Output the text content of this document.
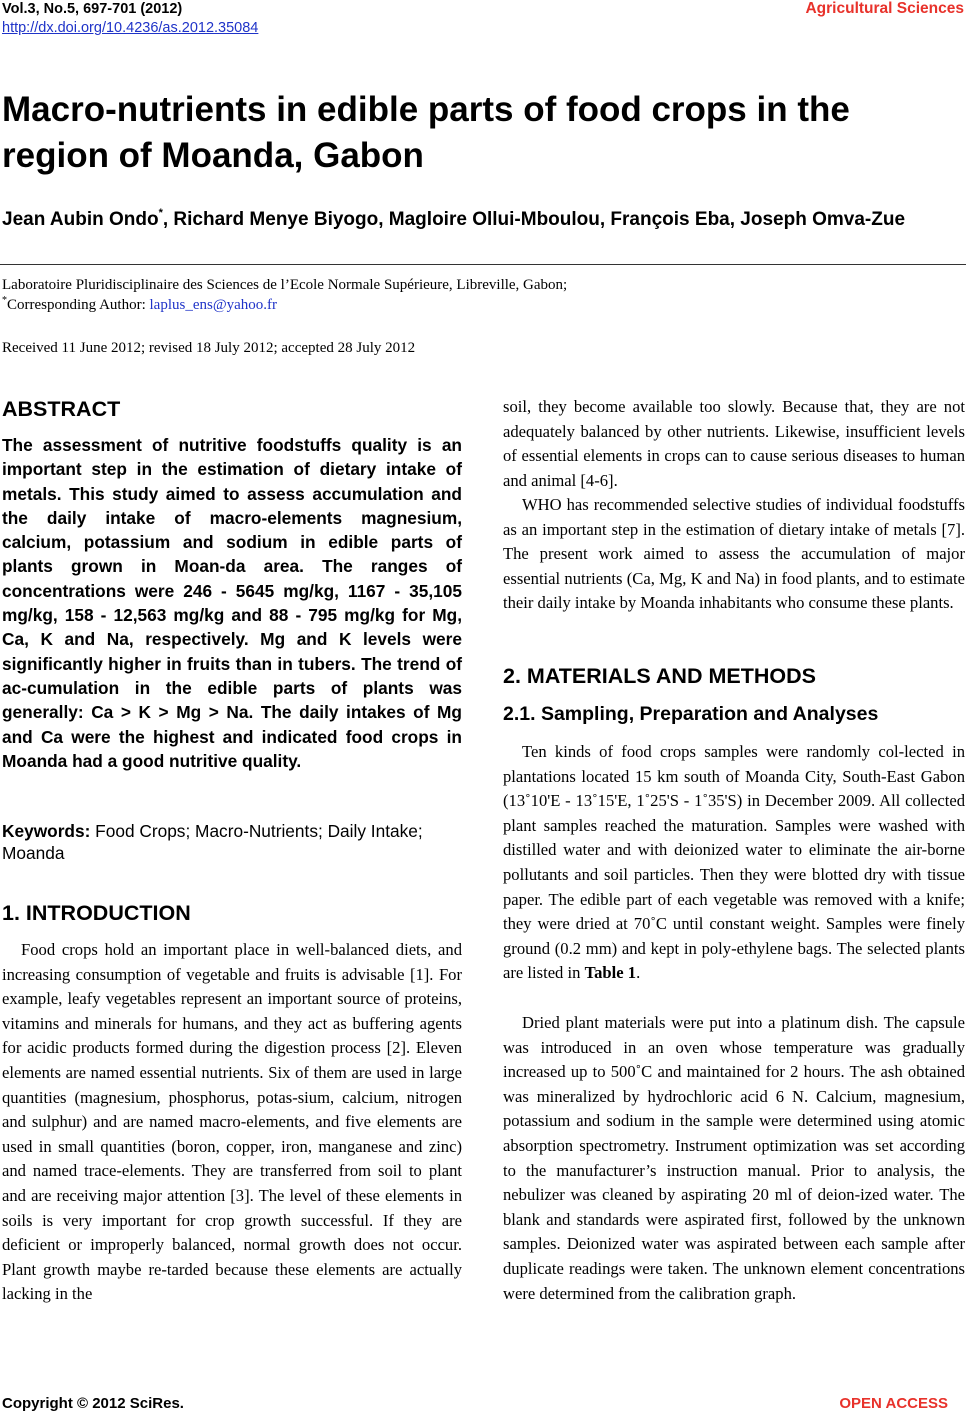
Vol.3, No.5, 697-701 (2012)
http://dx.doi.org/10.4236/as.2012.35084
Agricultural Sciences
Macro-nutrients in edible parts of food crops in the region of Moanda, Gabon

Jean Aubin Ondo*, Richard Menye Biyogo, Magloire Ollui-Mboulou, François Eba, Joseph Omva-Zue

Laboratoire Pluridisciplinaire des Sciences de l’Ecole Normale Supérieure, Libreville, Gabon;
*Corresponding Author: laplus_ens@yahoo.fr
Received 11 June 2012; revised 18 July 2012; accepted 28 July 2012
ABSTRACT

The assessment of nutritive foodstuffs quality is an important step in the estimation of dietary intake of metals. This study aimed to assess accumulation and the daily intake of macro-elements magnesium, calcium, potassium and sodium in edible parts of plants grown in Moan-da area. The ranges of concentrations were 246 - 5645 mg/kg, 1167 - 35,105 mg/kg, 158 - 12,563 mg/kg and 88 - 795 mg/kg for Mg, Ca, K and Na, respectively. Mg and K levels were significantly higher in fruits than in tubers. The trend of ac-cumulation in the edible parts of plants was generally: Ca > K > Mg > Na. The daily intakes of Mg and Ca were the highest and indicated food crops in Moanda had a good nutritive quality.

Keywords: Food Crops; Macro-Nutrients; Daily Intake; Moanda

1. INTRODUCTION

Food crops hold an important place in well-balanced diets, and increasing consumption of vegetable and fruits is advisable [1]. For example, leafy vegetables represent an important source of proteins, vitamins and minerals for humans, and they act as buffering agents for acidic products formed during the digestion process [2]. Eleven elements are named essential nutrients. Six of them are used in large quantities (magnesium, phosphorus, potas-sium, calcium, nitrogen and sulphur) and are named macro-elements, and five elements are used in small quantities (boron, copper, iron, manganese and zinc) and named trace-elements. They are transferred from soil to plant and are receiving major attention [3]. The level of these elements in soils is very important for crop growth successful. If they are deficient or improperly balanced, normal growth does not occur. Plant growth maybe re-tarded because these elements are actually lacking in the

soil, they become available too slowly. Because that, they are not adequately balanced by other nutrients. Likewise, insufficient levels of essential elements in crops can to cause serious diseases to human and animal [4-6].

WHO has recommended selective studies of individual foodstuffs as an important step in the estimation of dietary intake of metals [7]. The present work aimed to assess the accumulation of major essential nutrients (Ca, Mg, K and Na) in food plants, and to estimate their daily intake by Moanda inhabitants who consume these plants.

2. MATERIALS AND METHODS
2.1. Sampling, Preparation and Analyses

Ten kinds of food crops samples were randomly col-lected in plantations located 15 km south of Moanda City, South-East Gabon (13˚10'E - 13˚15'E, 1˚25'S - 1˚35'S) in December 2009. All collected plant samples reached the maturation. Samples were washed with distilled water and with deionized water to eliminate the air-borne pollutants and soil particles. Then they were blotted dry with tissue paper. The edible part of each vegetable was removed with a knife; they were dried at 70˚C until constant weight. Samples were finely ground (0.2 mm) and kept in poly-ethylene bags. The selected plants are listed in Table 1.

Dried plant materials were put into a platinum dish. The capsule was introduced in an oven whose temperature was gradually increased up to 500˚C and maintained for 2 hours. The ash obtained was mineralized by hydrochloric acid 6 N. Calcium, magnesium, potassium and sodium in the sample were determined using atomic absorption spectrometry. Instrument optimization was set according to the manufacturer’s instruction manual. Prior to analysis, the nebulizer was cleaned by aspirating 20 ml of deion-ized water. The blank and standards were aspirated first, followed by the unknown samples. Deionized water was aspirated between each sample after duplicate readings were taken. The unknown element concentrations were determined from the calibration graph.

Copyright © 2012 SciRes.	OPEN ACCESS
